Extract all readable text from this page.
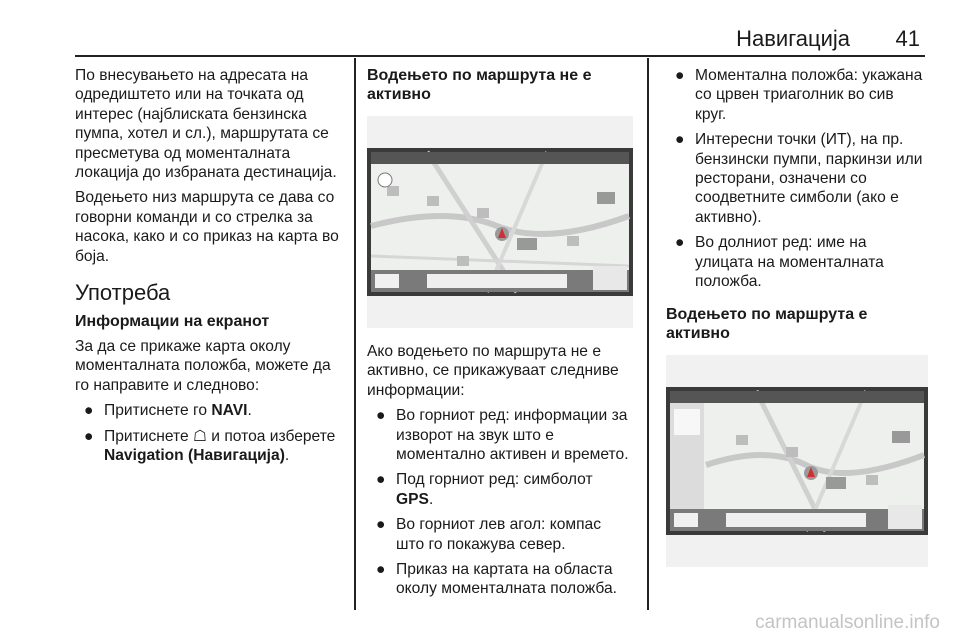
Навигација	41

По внесувањето на адресата на одредиштето или на точката од интерес (најблиската бензинска пумпа, хотел и сл.), маршрутата се пресметува од моменталната локација до избраната дестинација.

Водењето низ маршрута се дава со говорни команди и со стрелка за насока, како и со приказ на карта во боја.

Употреба
Информации на екранот

За да се прикаже карта околу моменталната положба, можете да го направите и следново:

● Притиснете го NAVI.
● Притиснете ☖ и потоа изберете Navigation (Навигација).
Водењето по маршрута не е активно

Ако водењето по маршрута не е активно, се прикажуваат следниве информации:

● Во горниот ред: информации за изворот на звук што е моментално активен и времето.
● Под горниот ред: симболот GPS.
● Во горниот лев агол: компас што го покажува север.
● Приказ на картата на областа околу моменталната положба.
● Моментална положба: укажана со црвен триаголник во сив круг.
● Интересни точки (ИТ), на пр. бензински пумпи, паркинзи или ресторани, означени со соодветните симболи (ако е активно).
● Во долниот ред: име на улицата на моменталната положба.
Водењето по маршрута е активно
carmanualsonline.info
